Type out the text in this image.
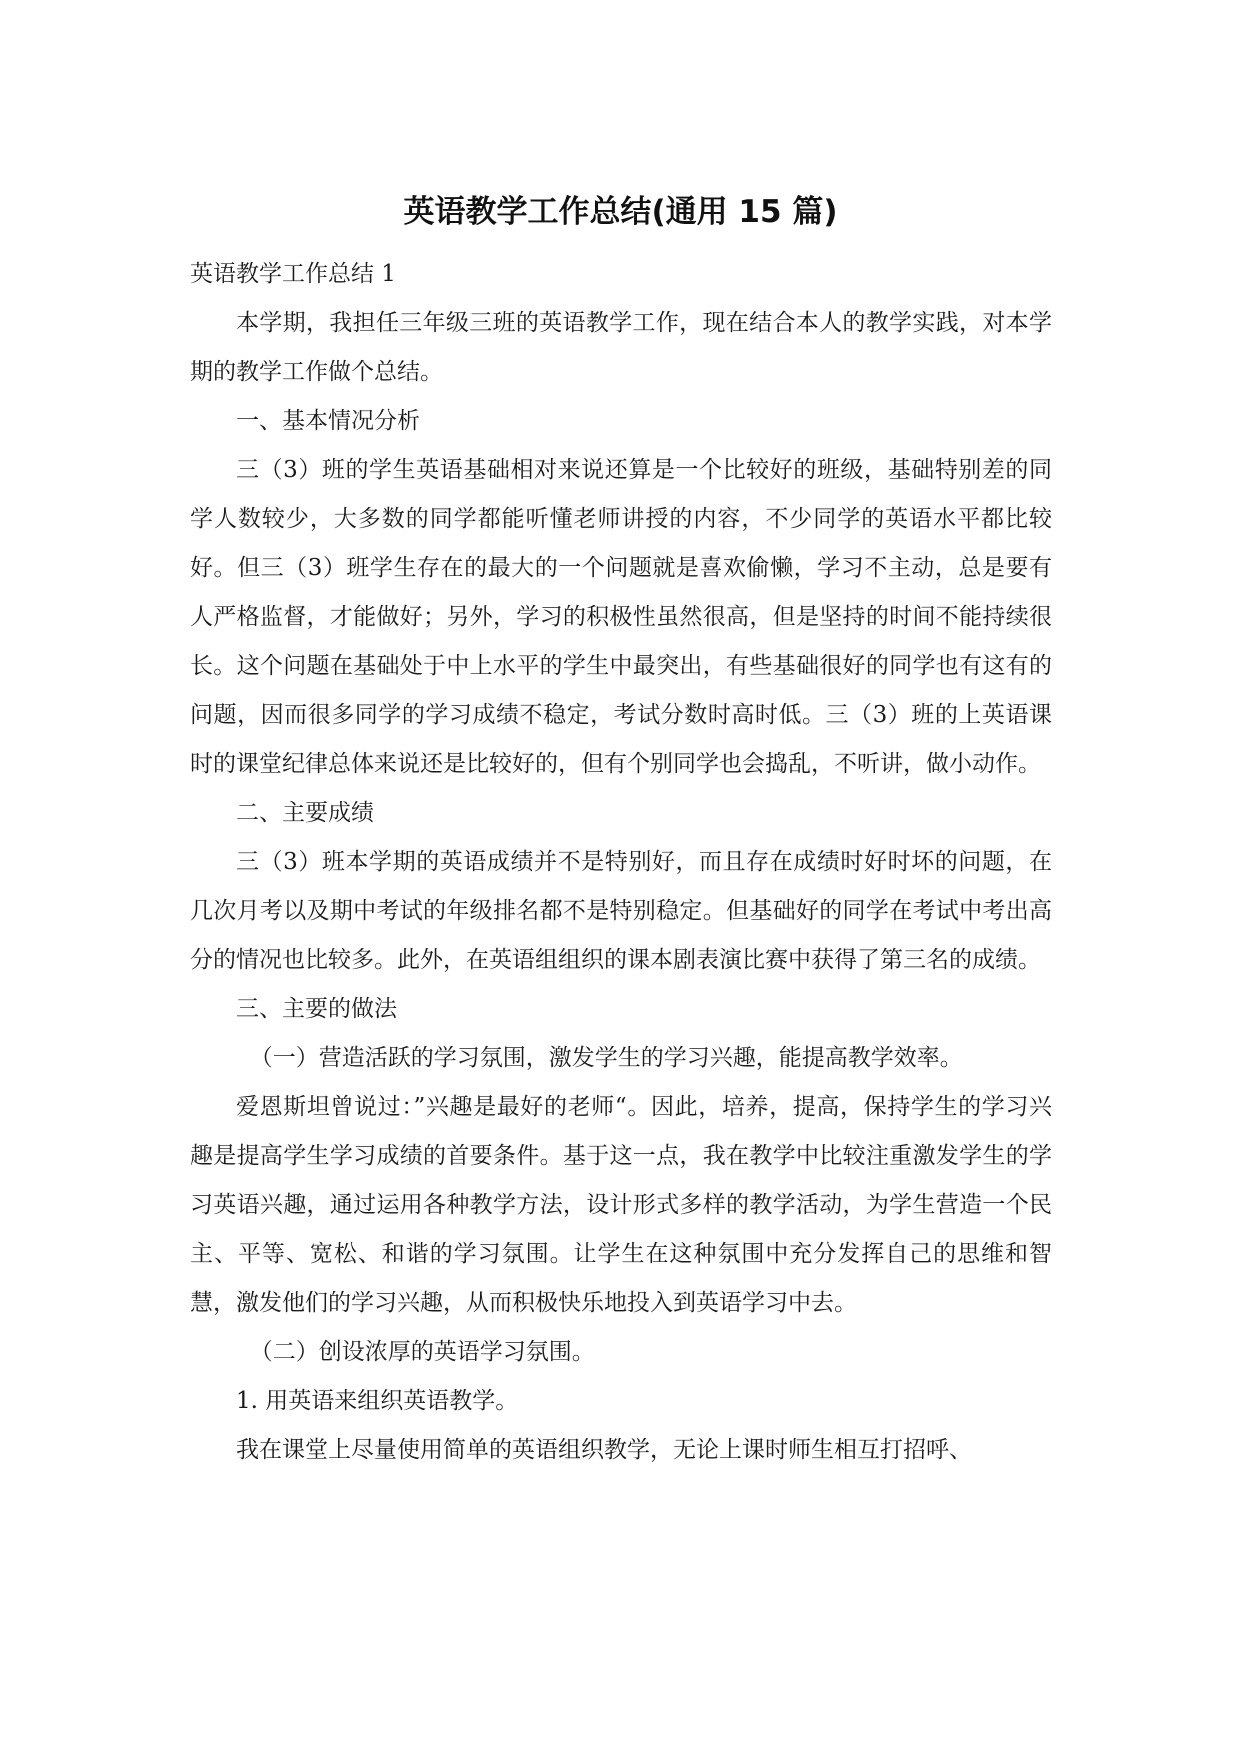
英语教学工作总结(通用 15 篇)

英语教学工作总结 1

本学期，我担任三年级三班的英语教学工作，现在结合本人的教学实践，对本学期的教学工作做个总结。

一、基本情况分析

三（3）班的学生英语基础相对来说还算是一个比较好的班级，基础特别差的同学人数较少，大多数的同学都能听懂老师讲授的内容，不少同学的英语水平都比较好。但三（3）班学生存在的最大的一个问题就是喜欢偷懒，学习不主动，总是要有人严格监督，才能做好；另外，学习的积极性虽然很高，但是坚持的时间不能持续很长。这个问题在基础处于中上水平的学生中最突出，有些基础很好的同学也有这有的问题，因而很多同学的学习成绩不稳定，考试分数时高时低。三（3）班的上英语课时的课堂纪律总体来说还是比较好的，但有个别同学也会捣乱，不听讲，做小动作。

二、主要成绩

三（3）班本学期的英语成绩并不是特别好，而且存在成绩时好时坏的问题，在几次月考以及期中考试的年级排名都不是特别稳定。但基础好的同学在考试中考出高分的情况也比较多。此外，在英语组组织的课本剧表演比赛中获得了第三名的成绩。

三、主要的做法

（一）营造活跃的学习氛围，激发学生的学习兴趣，能提高教学效率。

爱恩斯坦曾说过：”兴趣是最好的老师“。因此，培养，提高，保持学生的学习兴趣是提高学生学习成绩的首要条件。基于这一点，我在教学中比较注重激发学生的学习英语兴趣，通过运用各种教学方法，设计形式多样的教学活动，为学生营造一个民主、平等、宽松、和谐的学习氛围。让学生在这种氛围中充分发挥自己的思维和智慧，激发他们的学习兴趣，从而积极快乐地投入到英语学习中去。

（二）创设浓厚的英语学习氛围。

1. 用英语来组织英语教学。

我在课堂上尽量使用简单的英语组织教学，无论上课时师生相互打招呼、
